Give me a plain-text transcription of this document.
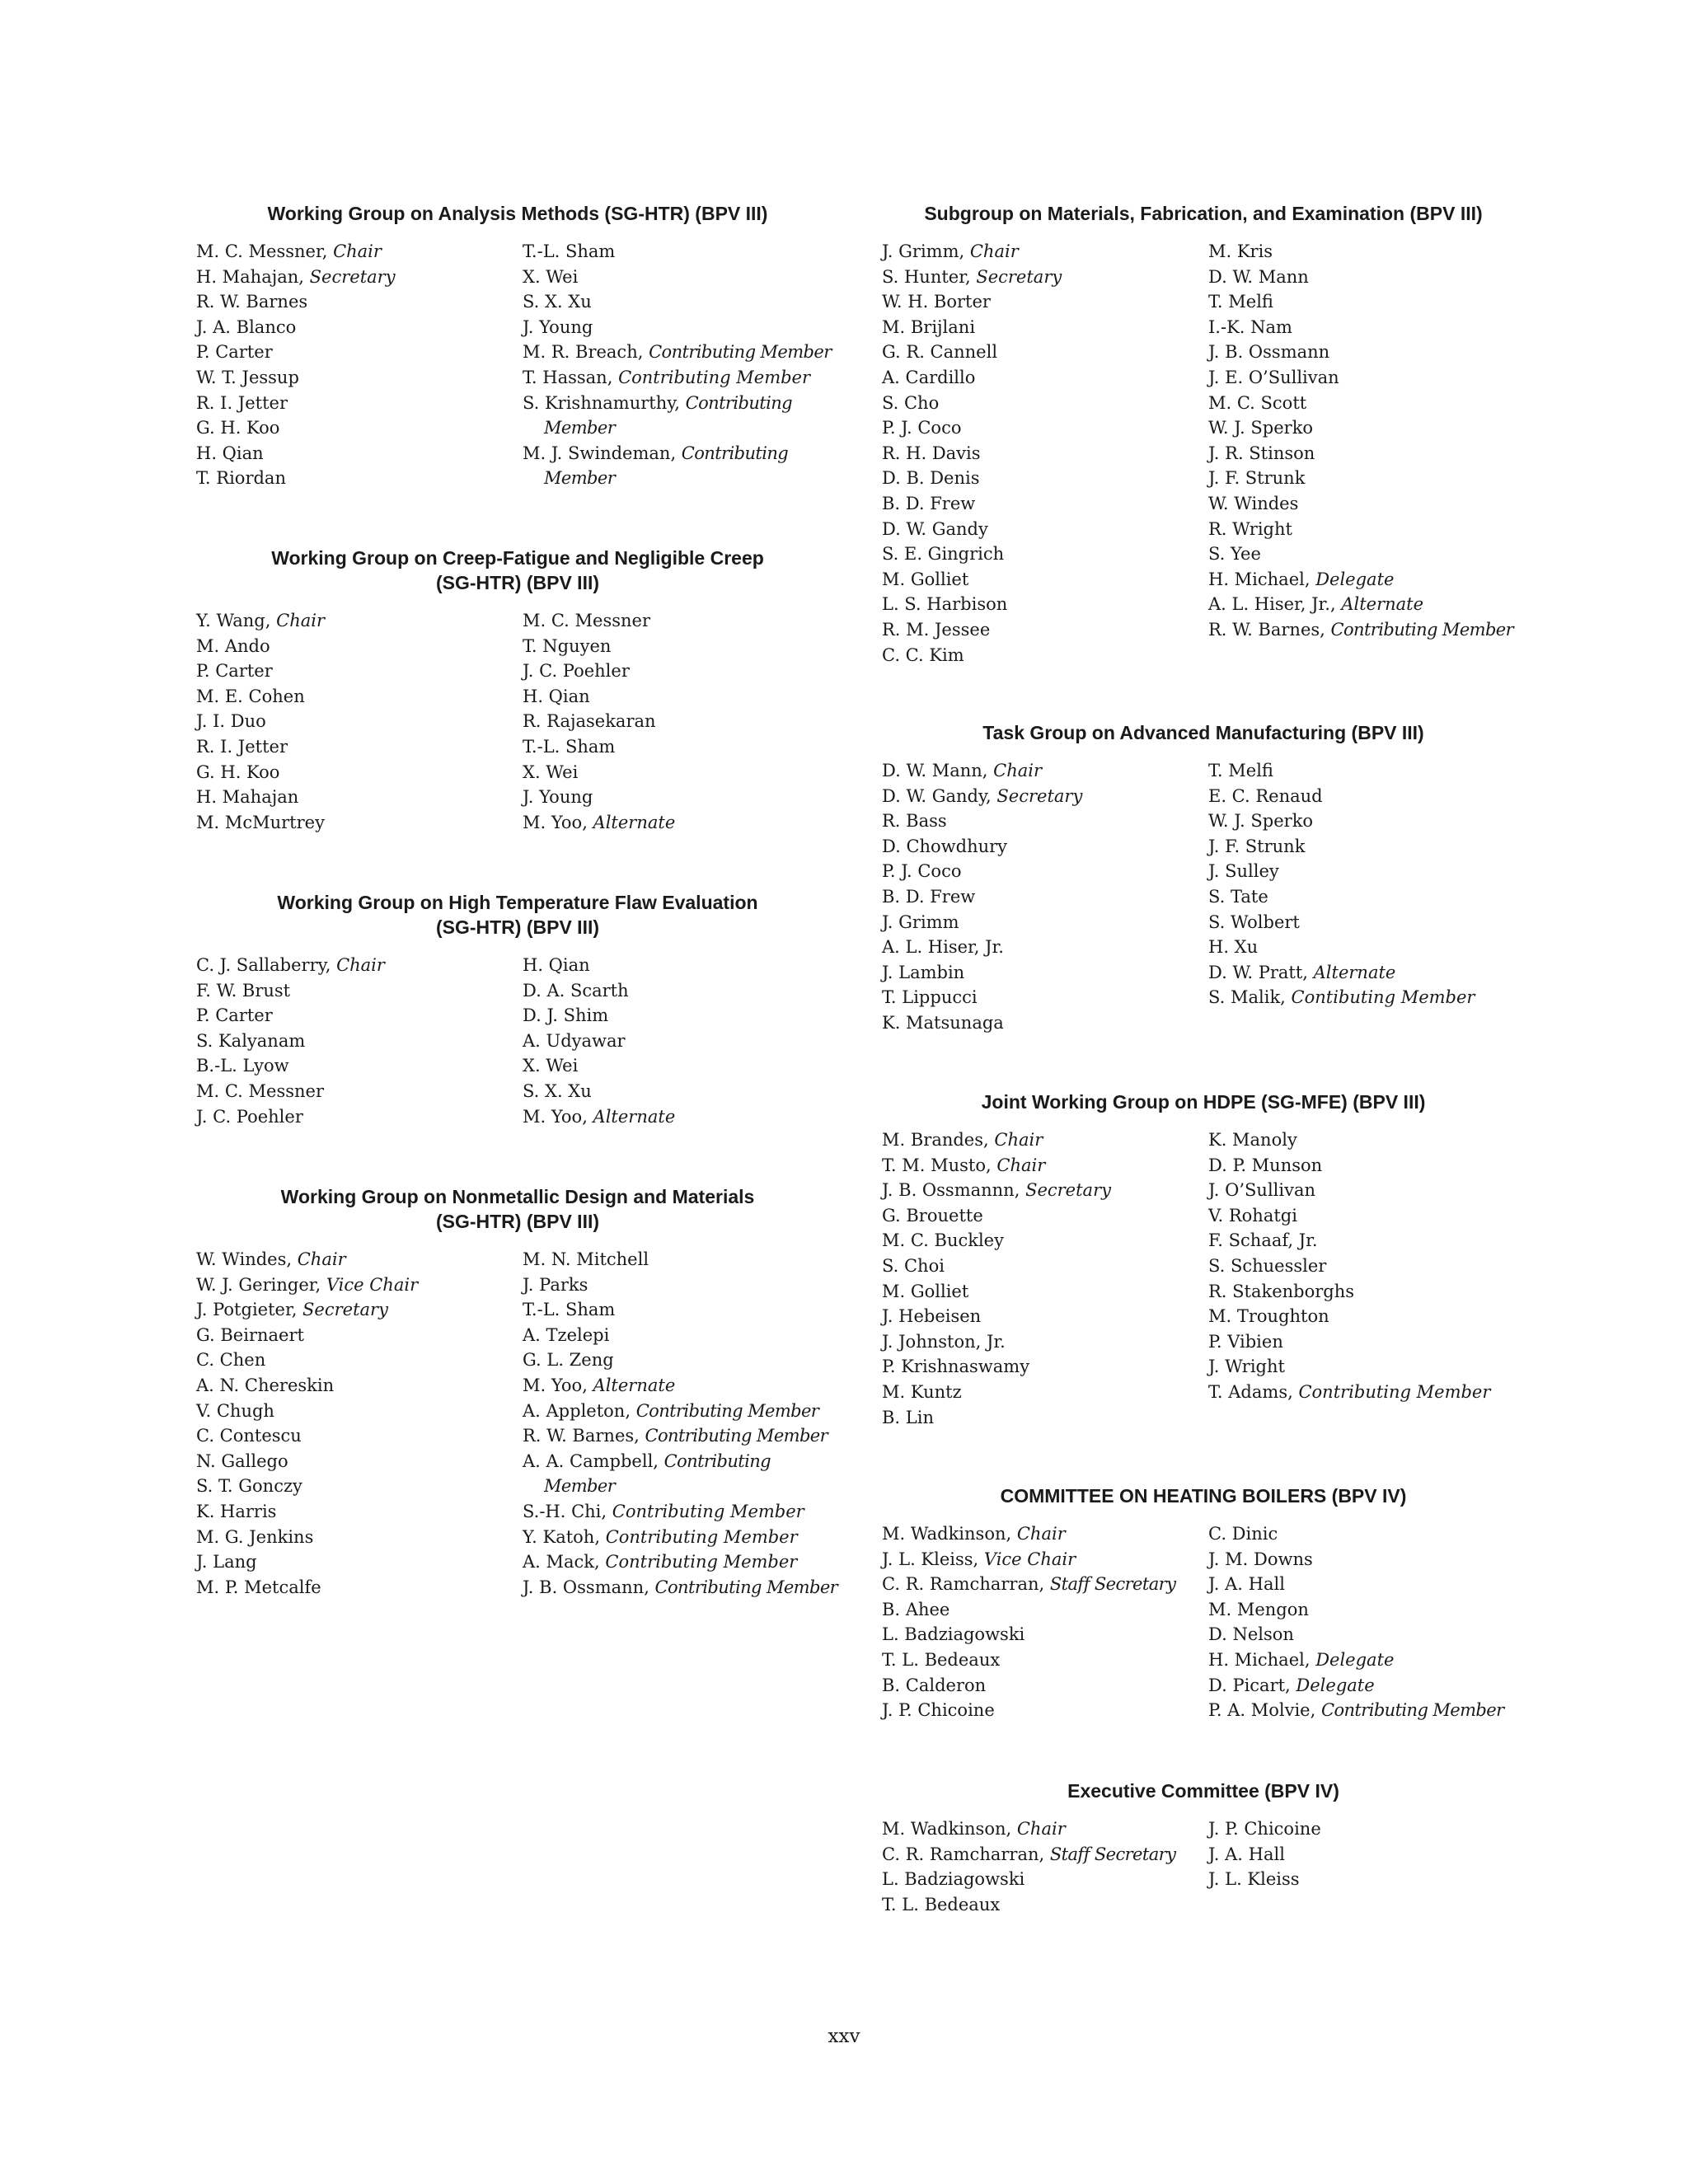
Working Group on Analysis Methods (SG-HTR) (BPV III)
M. C. Messner, Chair
H. Mahajan, Secretary
R. W. Barnes
J. A. Blanco
P. Carter
W. T. Jessup
R. I. Jetter
G. H. Koo
H. Qian
T. Riordan
T.-L. Sham
X. Wei
S. X. Xu
J. Young
M. R. Breach, Contributing Member
T. Hassan, Contributing Member
S. Krishnamurthy, Contributing Member
M. J. Swindeman, Contributing Member
Working Group on Creep-Fatigue and Negligible Creep
(SG-HTR) (BPV III)
Y. Wang, Chair
M. Ando
P. Carter
M. E. Cohen
J. I. Duo
R. I. Jetter
G. H. Koo
H. Mahajan
M. McMurtrey
M. C. Messner
T. Nguyen
J. C. Poehler
H. Qian
R. Rajasekaran
T.-L. Sham
X. Wei
J. Young
M. Yoo, Alternate
Working Group on High Temperature Flaw Evaluation
(SG-HTR) (BPV III)
C. J. Sallaberry, Chair
F. W. Brust
P. Carter
S. Kalyanam
B.-L. Lyow
M. C. Messner
J. C. Poehler
H. Qian
D. A. Scarth
D. J. Shim
A. Udyawar
X. Wei
S. X. Xu
M. Yoo, Alternate
Working Group on Nonmetallic Design and Materials
(SG-HTR) (BPV III)
W. Windes, Chair
W. J. Geringer, Vice Chair
J. Potgieter, Secretary
G. Beirnaert
C. Chen
A. N. Chereskin
V. Chugh
C. Contescu
N. Gallego
S. T. Gonczy
K. Harris
M. G. Jenkins
J. Lang
M. P. Metcalfe
M. N. Mitchell
J. Parks
T.-L. Sham
A. Tzelepi
G. L. Zeng
M. Yoo, Alternate
A. Appleton, Contributing Member
R. W. Barnes, Contributing Member
A. A. Campbell, Contributing Member
S.-H. Chi, Contributing Member
Y. Katoh, Contributing Member
A. Mack, Contributing Member
J. B. Ossmann, Contributing Member
Subgroup on Materials, Fabrication, and Examination (BPV III)
J. Grimm, Chair
S. Hunter, Secretary
W. H. Borter
M. Brijlani
G. R. Cannell
A. Cardillo
S. Cho
P. J. Coco
R. H. Davis
D. B. Denis
B. D. Frew
D. W. Gandy
S. E. Gingrich
M. Golliet
L. S. Harbison
R. M. Jessee
C. C. Kim
M. Kris
D. W. Mann
T. Melfi
I.-K. Nam
J. B. Ossmann
J. E. O’Sullivan
M. C. Scott
W. J. Sperko
J. R. Stinson
J. F. Strunk
W. Windes
R. Wright
S. Yee
H. Michael, Delegate
A. L. Hiser, Jr., Alternate
R. W. Barnes, Contributing Member
Task Group on Advanced Manufacturing (BPV III)
D. W. Mann, Chair
D. W. Gandy, Secretary
R. Bass
D. Chowdhury
P. J. Coco
B. D. Frew
J. Grimm
A. L. Hiser, Jr.
J. Lambin
T. Lippucci
K. Matsunaga
T. Melfi
E. C. Renaud
W. J. Sperko
J. F. Strunk
J. Sulley
S. Tate
S. Wolbert
H. Xu
D. W. Pratt, Alternate
S. Malik, Contibuting Member
Joint Working Group on HDPE (SG-MFE) (BPV III)
M. Brandes, Chair
T. M. Musto, Chair
J. B. Ossmannn, Secretary
G. Brouette
M. C. Buckley
S. Choi
M. Golliet
J. Hebeisen
J. Johnston, Jr.
P. Krishnaswamy
M. Kuntz
B. Lin
K. Manoly
D. P. Munson
J. O’Sullivan
V. Rohatgi
F. Schaaf, Jr.
S. Schuessler
R. Stakenborghs
M. Troughton
P. Vibien
J. Wright
T. Adams, Contributing Member
COMMITTEE ON HEATING BOILERS (BPV IV)
M. Wadkinson, Chair
J. L. Kleiss, Vice Chair
C. R. Ramcharran, Staff Secretary
B. Ahee
L. Badziagowski
T. L. Bedeaux
B. Calderon
J. P. Chicoine
C. Dinic
J. M. Downs
J. A. Hall
M. Mengon
D. Nelson
H. Michael, Delegate
D. Picart, Delegate
P. A. Molvie, Contributing Member
Executive Committee (BPV IV)
M. Wadkinson, Chair
C. R. Ramcharran, Staff Secretary
L. Badziagowski
T. L. Bedeaux
J. P. Chicoine
J. A. Hall
J. L. Kleiss
xxv
